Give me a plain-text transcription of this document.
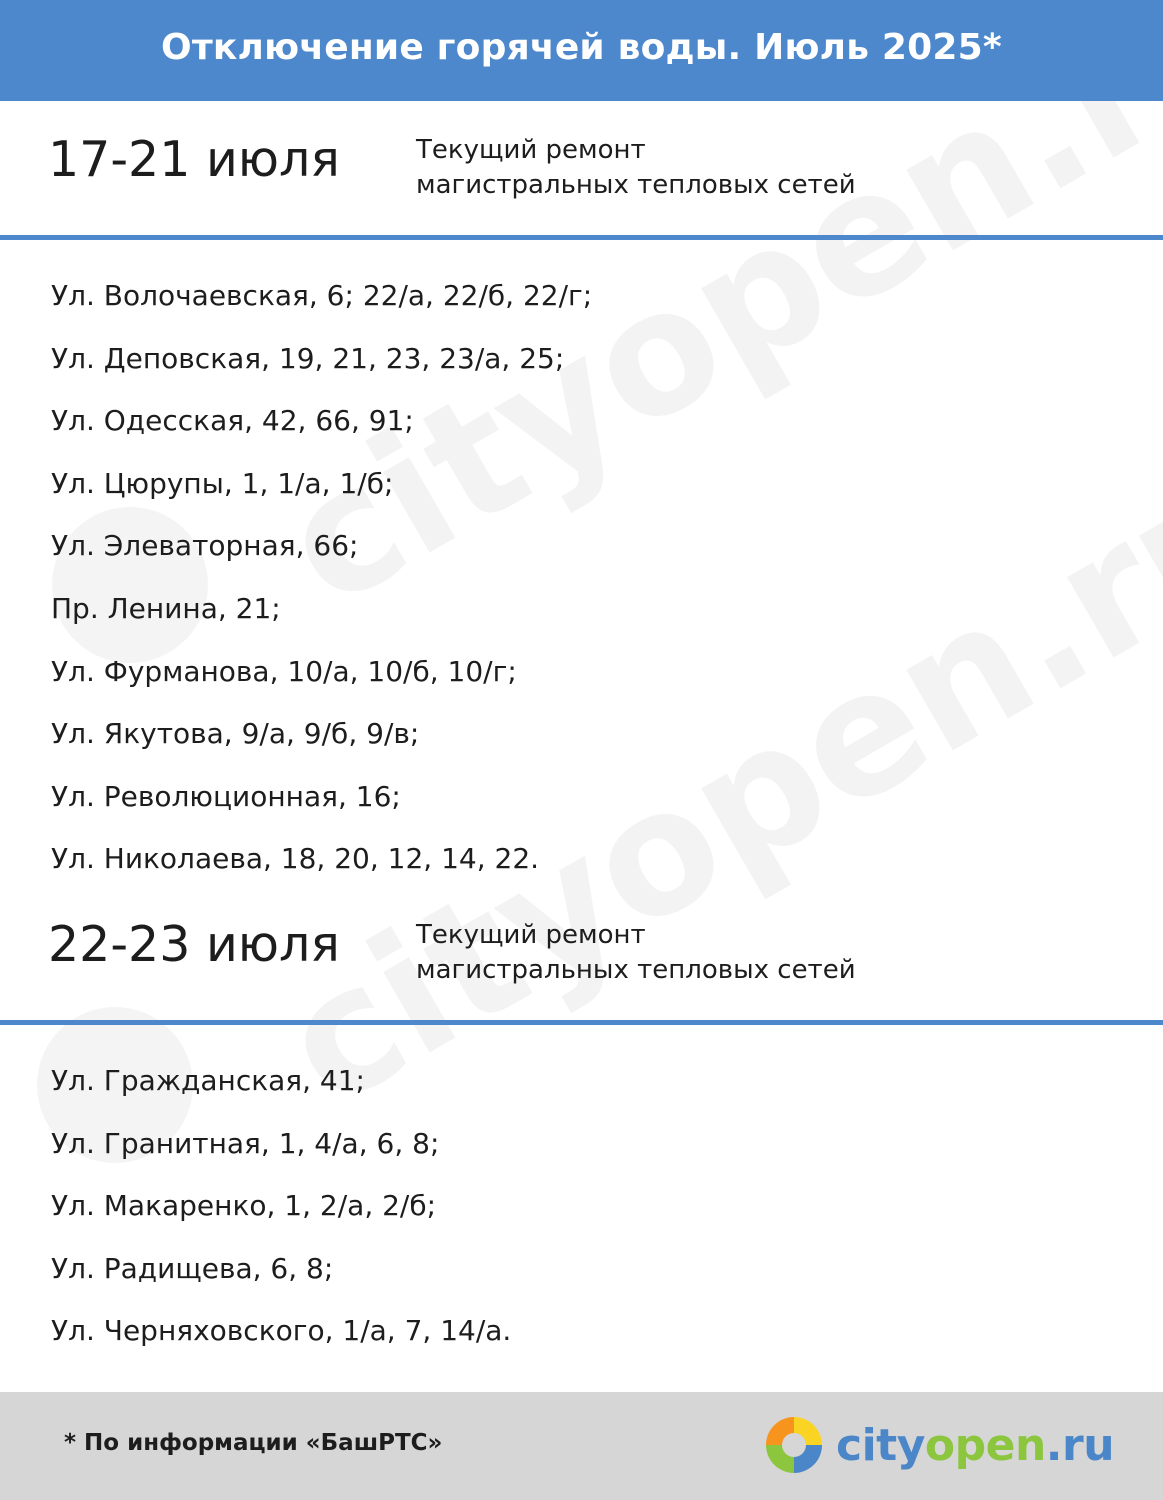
Отключение горячей воды. Июль 2025*
17-21 июля	Текущий ремонт
магистральных тепловых сетей
Ул. Волочаевская, 6; 22/а, 22/б, 22/г;
Ул. Деповская, 19, 21, 23, 23/а, 25;
Ул. Одесская, 42, 66, 91;
Ул. Цюрупы, 1, 1/а, 1/б;
Ул. Элеваторная, 66;
Пр. Ленина, 21;
Ул. Фурманова, 10/а, 10/б, 10/г;
Ул. Якутова, 9/а, 9/б, 9/в;
Ул. Революционная, 16;
Ул. Николаева, 18, 20, 12, 14, 22.
22-23 июля	Текущий ремонт
магистральных тепловых сетей
Ул. Гражданская, 41;
Ул. Гранитная, 1, 4/а, 6, 8;
Ул. Макаренко, 1, 2/а, 2/б;
Ул. Радищева, 6, 8;
Ул. Черняховского, 1/а, 7, 14/а.
* По информации «БашРТС»	cityopen.ru
